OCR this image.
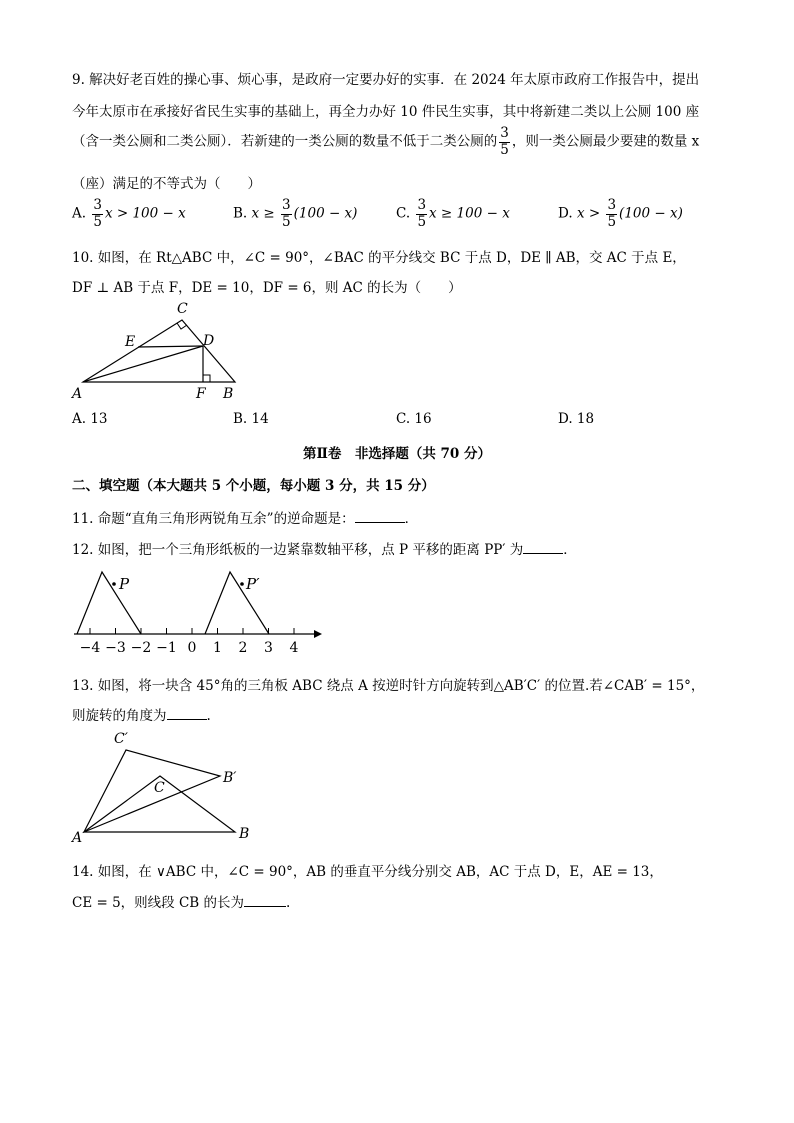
9. 解决好老百姓的操心事、烦心事，是政府一定要办好的实事．在 2024 年太原市政府工作报告中，提出
今年太原市在承接好省民生实事的基础上，再全力办好 10 件民生实事，其中将新建二类以上公厕 100 座
（含一类公厕和二类公厕）．若新建的一类公厕的数量不低于二类公厕的 $\frac{3}{5}$ ，则一类公厕最少要建的数量 x
（座）满足的不等式为（　　）
A. $\frac{3}{5}$ x > 100 − x	B. $x \ge \frac{3}{5} (100 - x)$	C. $\frac{3}{5}$ x ≥ 100 − x	D. $x > \frac{3}{5} (100 - x)$
10. 如图，在 Rt△ABC 中，∠C = 90°，∠BAC 的平分线交 BC 于点 D，DE ∥ AB，交 AC 于点 E，
DF ⊥ AB 于点 F，DE = 10，DF = 6，则 AC 的长为（　　）
A	B
C
D
E
F
A. 13	B. 14	C. 16	D. 18
第Ⅱ卷　非选择题（共 70 分）
二、填空题（本大题共 5 个小题，每小题 3 分，共 15 分）
11. 命题“直角三角形两锐角互余”的逆命题是：	．
12. 如图，把一个三角形纸板的一边紧靠数轴平移，点 P 平移的距离 PP′ 为	．
P	P′
−4 −3 −2 −1 0 1 2 3 4
13. 如图，将一块含 45°角的三角板 ABC 绕点 A 按逆时针方向旋转到△AB′C′ 的位置.若∠CAB′ = 15°，
则旋转的角度为	.
A	B
C
B′
C′
14. 如图，在 ∨ABC 中，∠C = 90°，AB 的垂直平分线分别交 AB，AC 于点 D，E，AE = 13，
CE = 5，则线段 CB 的长为	.
